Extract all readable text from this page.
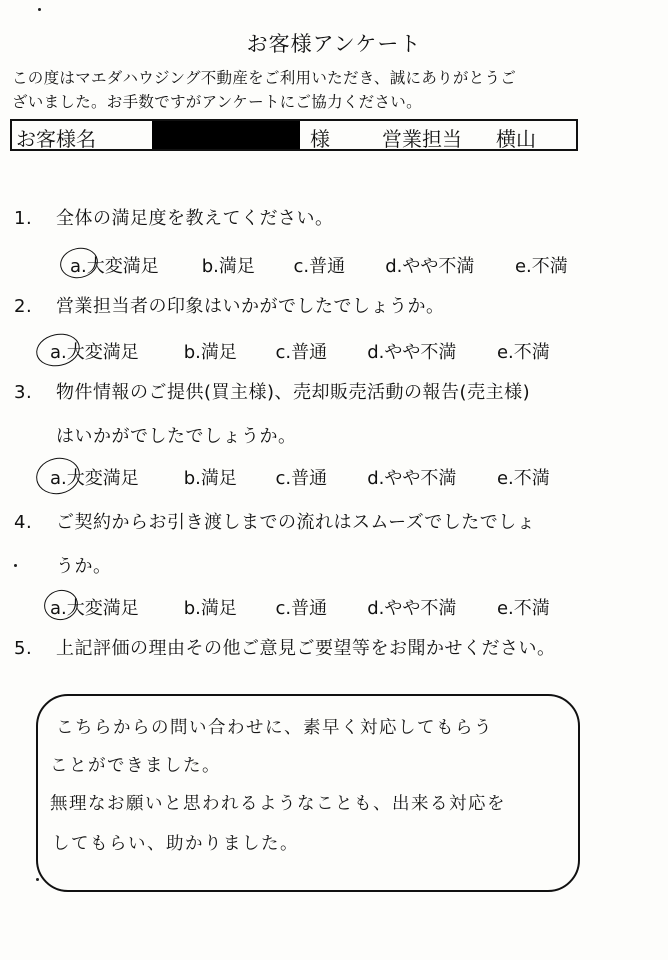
お客様アンケート
この度はマエダハウジング不動産をご利用いただき、誠にありがとうご
ざいました。お手数ですがアンケートにご協力ください。
お客様名	様	営業担当 横山
1. 全体の満足度を教えてください。
a.大変満足 b.満足 c.普通 d.やや不満 e.不満
2. 営業担当者の印象はいかがでしたでしょうか。
a.大変満足 b.満足 c.普通 d.やや不満 e.不満
3. 物件情報のご提供(買主様)、売却販売活動の報告(売主様)
はいかがでしたでしょうか。
a.大変満足 b.満足 c.普通 d.やや不満 e.不満
4. ご契約からお引き渡しまでの流れはスムーズでしたでしょ
うか。
a.大変満足 b.満足 c.普通 d.やや不満 e.不満
5. 上記評価の理由その他ご意見ご要望等をお聞かせください。
こちらからの問い合わせに、素早く対応してもらう
ことができました。
無理なお願いと思われるようなことも、出来る対応を
してもらい、助かりました。
